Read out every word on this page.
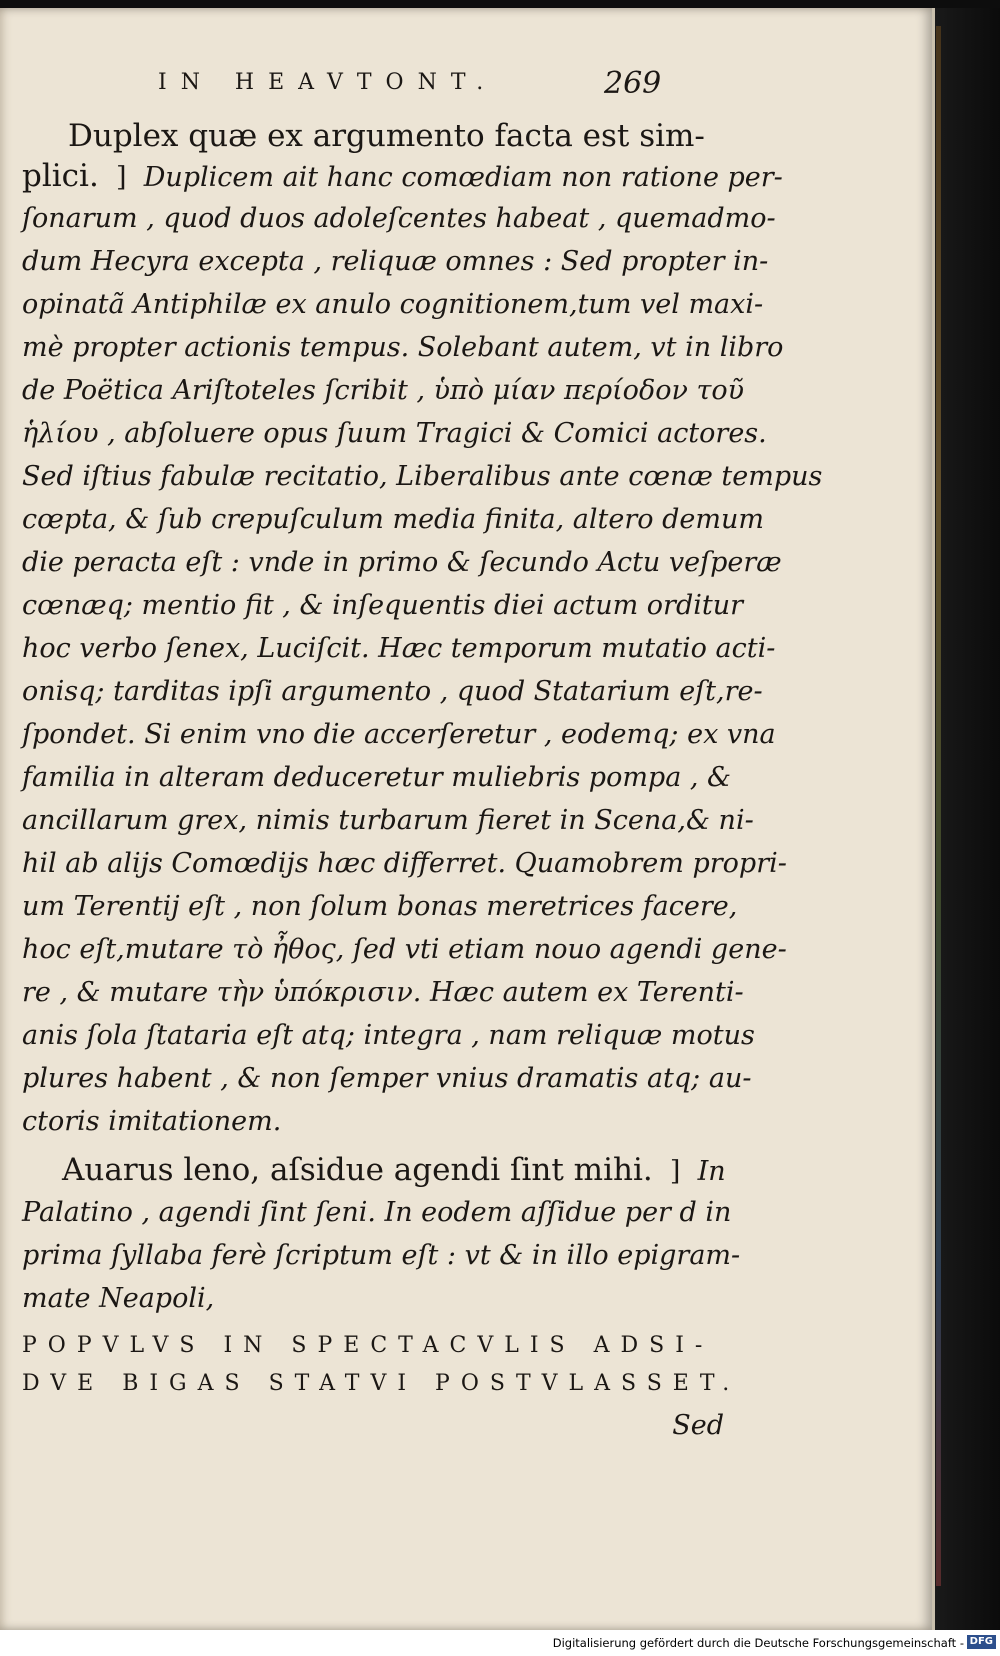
IN HEAVTONT.	269
Duplex quæ ex argumento facta est sim-
plici.  ]  Duplicem ait hanc comœdiam non ratione per-
ſonarum , quod duos adoleſcentes habeat , quemadmo-
dum Hecyra excepta , reliquæ omnes : Sed propter in-
opinatã Antiphilæ ex anulo cognitionem,tum vel maxi-
mè propter actionis tempus. Solebant autem, vt in libro
de Poëtica Ariſtoteles ſcribit , ὑπὸ μίαν περίοδον τοῦ
ἡλίου , abſoluere opus ſuum Tragici & Comici actores.
Sed iſtius fabulæ recitatio, Liberalibus ante cœnæ tempus
cœpta, & ſub crepuſculum media finita, altero demum
die peracta eſt : vnde in primo & ſecundo Actu veſperæ
cœnæq; mentio fit , & inſequentis diei actum orditur
hoc verbo ſenex, Luciſcit. Hæc temporum mutatio acti-
onisq; tarditas ipſi argumento , quod Statarium eſt,re-
ſpondet. Si enim vno die accerſeretur , eodemq; ex vna
familia in alteram deduceretur muliebris pompa , &
ancillarum grex, nimis turbarum fieret in Scena,& ni-
hil ab alijs Comœdijs hæc differret. Quamobrem propri-
um Terentij eſt , non ſolum bonas meretrices facere,
hoc eſt,mutare τὸ ἦθος, ſed vti etiam nouo agendi gene-
re , & mutare τὴν ὑπόκρισιν. Hæc autem ex Terenti-
anis ſola ſtataria eſt atq; integra , nam reliquæ motus
plures habent , & non ſemper vnius dramatis atq; au-
ctoris imitationem.
Auarus leno, aſsidue agendi ſint mihi.  ]  In
Palatino , agendi ſint ſeni. In eodem aſſidue per d in
prima ſyllaba ferè ſcriptum eſt : vt & in illo epigram-
mate Neapoli,
POPVLVS IN SPECTACVLIS ADSI-
DVE BIGAS STATVI POSTVLASSET.
Sed
Digitalisierung gefördert durch die Deutsche Forschungsgemeinschaft - DFG
